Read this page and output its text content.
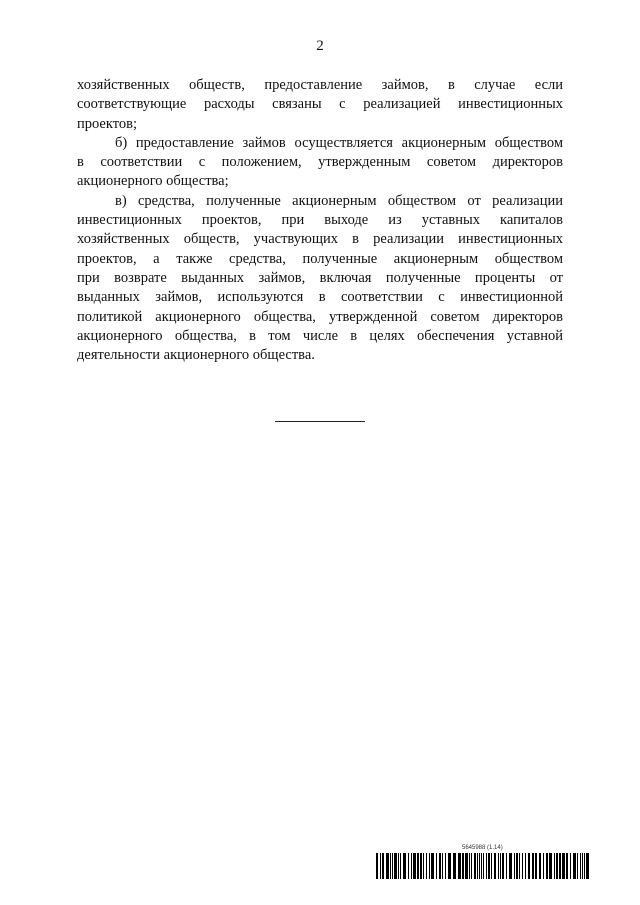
2
хозяйственных обществ, предоставление займов, в случае если
соответствующие расходы связаны с реализацией инвестиционных
проектов;
б) предоставление займов осуществляется акционерным обществом
в соответствии с положением, утвержденным советом директоров
акционерного общества;
в) средства, полученные акционерным обществом от реализации
инвестиционных проектов, при выходе из уставных капиталов
хозяйственных обществ, участвующих в реализации инвестиционных
проектов, а также средства, полученные акционерным обществом
при возврате выданных займов, включая полученные проценты от
выданных займов, используются в соответствии с инвестиционной
политикой акционерного общества, утвержденной советом директоров
акционерного общества, в том числе в целях обеспечения уставной
деятельности акционерного общества.
5645988 (1.14)
